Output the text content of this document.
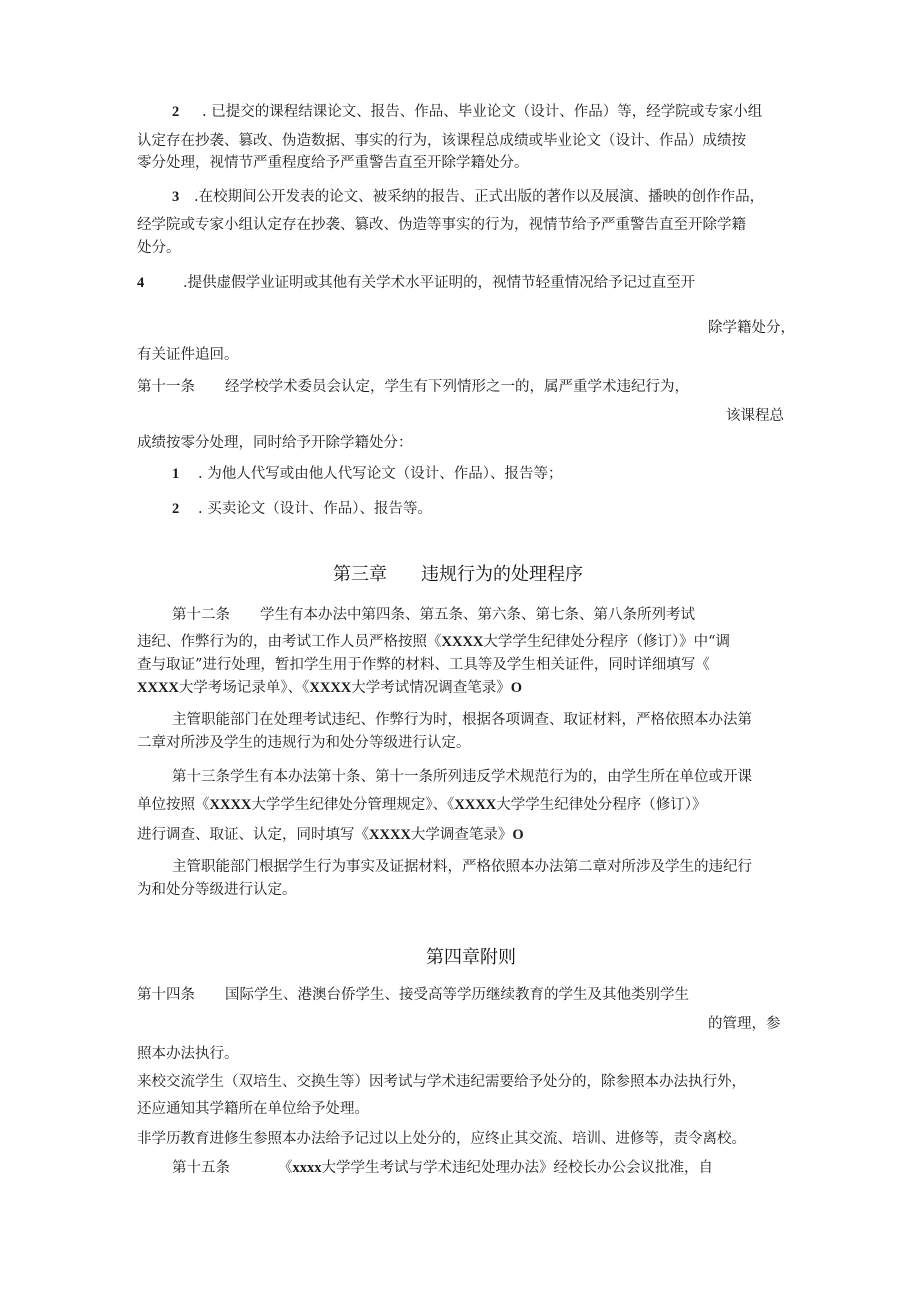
2 . 已提交的课程结课论文、报告、作品、毕业论文（设计、作品）等，经学院或专家小组
认定存在抄袭、篡改、伪造数据、事实的行为，该课程总成绩或毕业论文（设计、作品）成绩按
零分处理，视情节严重程度给予严重警告直至开除学籍处分。
3 .在校期间公开发表的论文、被采纳的报告、正式出版的著作以及展演、播映的创作作品，
经学院或专家小组认定存在抄袭、篡改、伪造等事实的行为，视情节给予严重警告直至开除学籍
处分。
4	.提供虚假学业证明或其他有关学术水平证明的，视情节轻重情况给予记过直至开
除学籍处分，
有关证件追回。
第十一条 经学校学术委员会认定，学生有下列情形之一的，属严重学术违纪行为，
该课程总
成绩按零分处理，同时给予开除学籍处分：
1 . 为他人代写或由他人代写论文（设计、作品）、报告等；
2 . 买卖论文（设计、作品）、报告等。
第三章 违规行为的处理程序
第十二条 学生有本办法中第四条、第五条、第六条、第七条、第八条所列考试
违纪、作弊行为的，由考试工作人员严格按照《XXXX大学学生纪律处分程序（修订）》中“调
查与取证”进行处理，暂扣学生用于作弊的材料、工具等及学生相关证件，同时详细填写《
XXXX大学考场记录单》、《XXXX大学考试情况调查笔录》O
主管职能部门在处理考试违纪、作弊行为时，根据各项调查、取证材料，严格依照本办法第
二章对所涉及学生的违规行为和处分等级进行认定。
第十三条学生有本办法第十条、第十一条所列违反学术规范行为的，由学生所在单位或开课
单位按照《XXXX大学学生纪律处分管理规定》、《XXXX大学学生纪律处分程序（修订）》
进行调查、取证、认定，同时填写《XXXX大学调查笔录》O
主管职能部门根据学生行为事实及证据材料，严格依照本办法第二章对所涉及学生的违纪行
为和处分等级进行认定。
第四章附则
第十四条 国际学生、港澳台侨学生、接受高等学历继续教育的学生及其他类别学生
的管理，参
照本办法执行。
来校交流学生（双培生、交换生等）因考试与学术违纪需要给予处分的，除参照本办法执行外，
还应通知其学籍所在单位给予处理。
非学历教育进修生参照本办法给予记过以上处分的，应终止其交流、培训、进修等，责令离校。
第十五条	《xxxx大学学生考试与学术违纪处理办法》经校长办公会议批准，自
